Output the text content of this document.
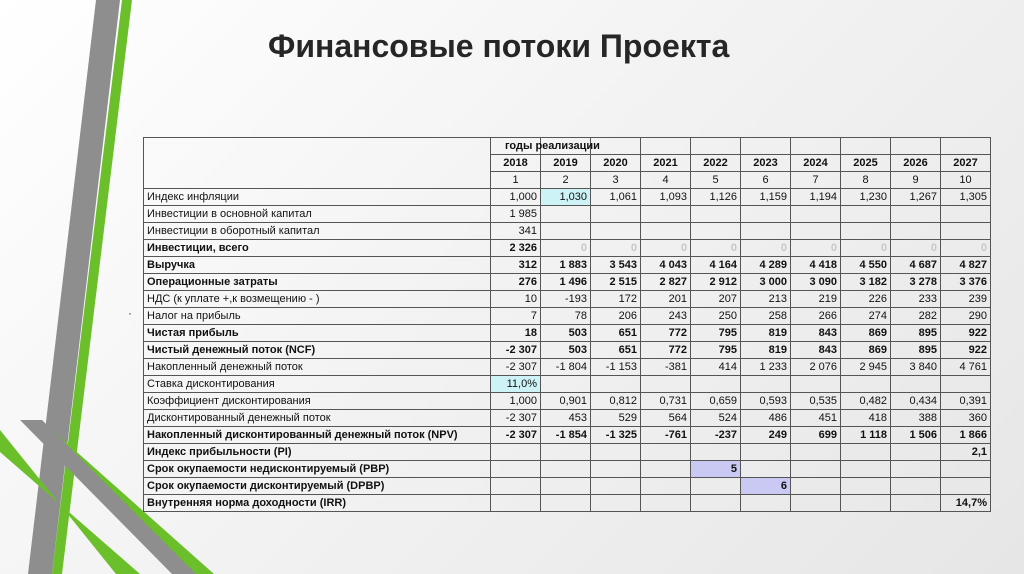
Финансовые потоки Проекта
·
	годы реализации									
	2018	2019	2020	2021	2022	2023	2024	2025	2026	2027
	1	2	3	4	5	6	7	8	9	10
Индекс инфляции	1,000	1,030	1,061	1,093	1,126	1,159	1,194	1,230	1,267	1,305
Инвестиции в основной капитал	1 985									
Инвестиции в оборотный капитал	341									
Инвестиции, всего	2 326	0	0	0	0	0	0	0	0	0
Выручка	312	1 883	3 543	4 043	4 164	4 289	4 418	4 550	4 687	4 827
Операционные затраты	276	1 496	2 515	2 827	2 912	3 000	3 090	3 182	3 278	3 376
НДС (к уплате +,к возмещению - )	10	-193	172	201	207	213	219	226	233	239
Налог на прибыль	7	78	206	243	250	258	266	274	282	290
Чистая прибыль	18	503	651	772	795	819	843	869	895	922
Чистый денежный поток (NCF)	-2 307	503	651	772	795	819	843	869	895	922
Накопленный денежный поток	-2 307	-1 804	-1 153	-381	414	1 233	2 076	2 945	3 840	4 761
Ставка дисконтирования	11,0%									
Коэффициент дисконтирования	1,000	0,901	0,812	0,731	0,659	0,593	0,535	0,482	0,434	0,391
Дисконтированный денежный поток	-2 307	453	529	564	524	486	451	418	388	360
Накопленный дисконтированный денежный поток (NPV)	-2 307	-1 854	-1 325	-761	-237	249	699	1 118	1 506	1 866
Индекс прибыльности (PI)										2,1
Срок окупаемости недисконтируемый (PBP)					5					
Срок окупаемости дисконтируемый (DPBP)						6				
Внутренняя норма доходности (IRR)										14,7%
